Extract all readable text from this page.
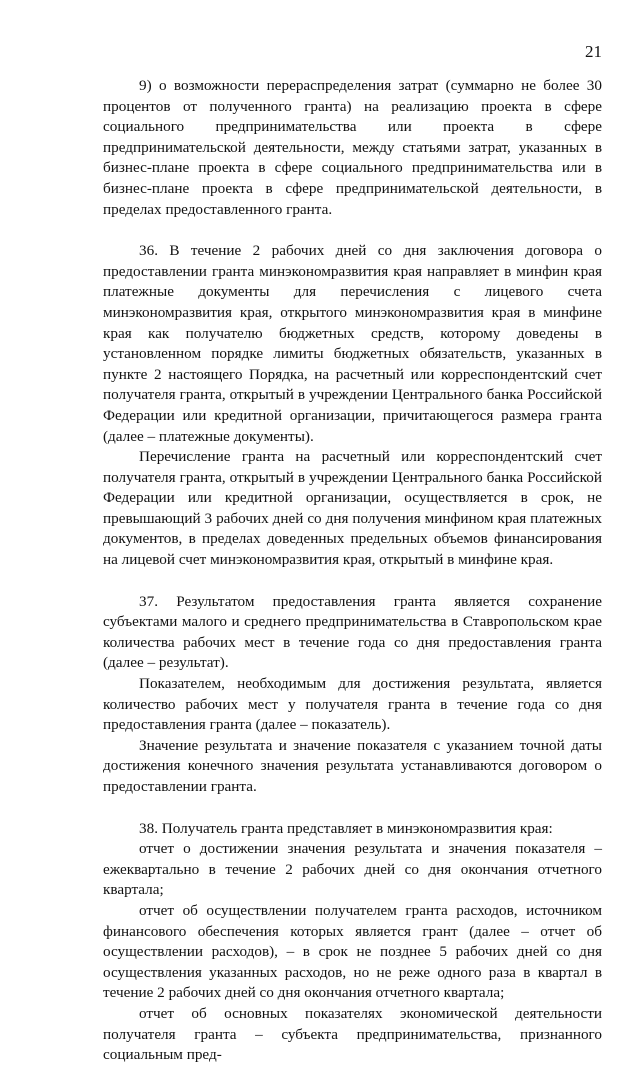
21

9) о возможности перераспределения затрат (суммарно не более 30 процентов от полученного гранта) на реализацию проекта в сфере социального предпринимательства или проекта в сфере предпринимательской деятельности, между статьями затрат, указанных в бизнес-плане проекта в сфере социального предпринимательства или в бизнес-плане проекта в сфере предпринимательской деятельности, в пределах предоставленного гранта.

36. В течение 2 рабочих дней со дня заключения договора о предоставлении гранта минэкономразвития края направляет в минфин края платежные документы для перечисления с лицевого счета минэкономразвития края, открытого минэкономразвития края в минфине края как получателю бюджетных средств, которому доведены в установленном порядке лимиты бюджетных обязательств, указанных в пункте 2 настоящего Порядка, на расчетный или корреспондентский счет получателя гранта, открытый в учреждении Центрального банка Российской Федерации или кредитной организации, причитающегося размера гранта (далее – платежные документы).

Перечисление гранта на расчетный или корреспондентский счет получателя гранта, открытый в учреждении Центрального банка Российской Федерации или кредитной организации, осуществляется в срок, не превышающий 3 рабочих дней со дня получения минфином края платежных документов, в пределах доведенных предельных объемов финансирования на лицевой счет минэкономразвития края, открытый в минфине края.

37. Результатом предоставления гранта является сохранение субъектами малого и среднего предпринимательства в Ставропольском крае количества рабочих мест в течение года со дня предоставления гранта (далее – результат).

Показателем, необходимым для достижения результата, является количество рабочих мест у получателя гранта в течение года со дня предоставления гранта (далее – показатель).

Значение результата и значение показателя с указанием точной даты достижения конечного значения результата устанавливаются договором о предоставлении гранта.

38. Получатель гранта представляет в минэкономразвития края:

отчет о достижении значения результата и значения показателя – ежеквартально в течение 2 рабочих дней со дня окончания отчетного квартала;

отчет об осуществлении получателем гранта расходов, источником финансового обеспечения которых является грант (далее – отчет об осуществлении расходов), – в срок не позднее 5 рабочих дней со дня осуществления указанных расходов, но не реже одного раза в квартал в течение 2 рабочих дней со дня окончания отчетного квартала;

отчет об основных показателях экономической деятельности получателя гранта – субъекта предпринимательства, признанного социальным пред-
